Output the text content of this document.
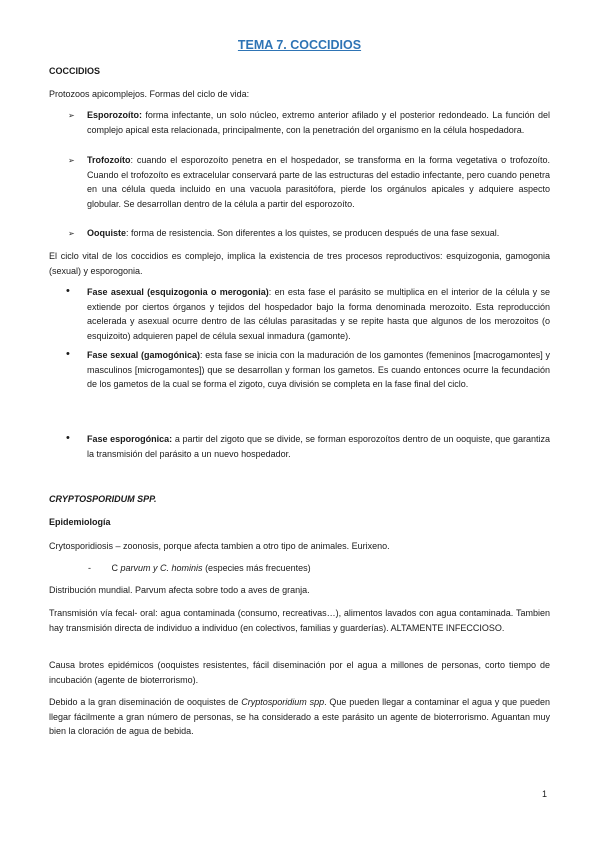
TEMA 7. COCCIDIOS
COCCIDIOS
Protozoos apicomplejos. Formas del ciclo de vida:
➢ Esporozoíto: forma infectante, un solo núcleo, extremo anterior afilado y el posterior redondeado. La función del complejo apical esta relacionada, principalmente, con la penetración del organismo en la célula hospedadora.
➢ Trofozoíto: cuando el esporozoíto penetra en el hospedador, se transforma en la forma vegetativa o trofozoíto. Cuando el trofozoíto es extracelular conservará parte de las estructuras del estadio infectante, pero cuando penetra en una célula queda incluido en una vacuola parasitófora, pierde los orgánulos apicales y adquiere aspecto globular. Se desarrollan dentro de la célula a partir del esporozoíto.
➢ Ooquiste: forma de resistencia. Son diferentes a los quistes, se producen después de una fase sexual.
El ciclo vital de los coccidios es complejo, implica la existencia de tres procesos reproductivos: esquizogonia, gamogonia (sexual) y esporogonia.
• Fase asexual (esquizogonia o merogonia): en esta fase el parásito se multiplica en el interior de la célula y se extiende por ciertos órganos y tejidos del hospedador bajo la forma denominada merozoito. Esta reproducción acelerada y asexual ocurre dentro de las células parasitadas y se repite hasta que algunos de los merozoitos (o esquizoito) adquieren papel de célula sexual inmadura (gamonte).
• Fase sexual (gamogónica): esta fase se inicia con la maduración de los gamontes (femeninos [macrogamontes] y masculinos [microgamontes]) que se desarrollan y forman los gametos. Es cuando entonces ocurre la fecundación de los gametos de la cual se forma el zigoto, cuya división se completa en la fase final del ciclo.
• Fase esporogónica: a partir del zigoto que se divide, se forman esporozoítos dentro de un ooquiste, que garantiza la transmisión del parásito a un nuevo hospedador.
CRYPTOSPORIDUM SPP.
Epidemiología
Crytosporidiosis – zoonosis, porque afecta tambien a otro tipo de animales. Eurixeno.
- C parvum y C. hominis (especies más frecuentes)
Distribución mundial. Parvum afecta sobre todo a aves de granja.
Transmisión vía fecal- oral: agua contaminada (consumo, recreativas…), alimentos lavados con agua contaminada. Tambien hay transmisión directa de individuo a individuo (en colectivos, familias y guarderías). ALTAMENTE INFECCIOSO.
Causa brotes epidémicos (ooquistes resistentes, fácil diseminación por el agua a millones de personas, corto tiempo de incubación (agente de bioterrorismo).
Debido a la gran diseminación de ooquistes de Cryptosporidium spp. Que pueden llegar a contaminar el agua y que pueden llegar fácilmente a gran número de personas, se ha considerado a este parásito un agente de bioterrorismo. Aguantan muy bien la cloración de agua de bebida.
1
